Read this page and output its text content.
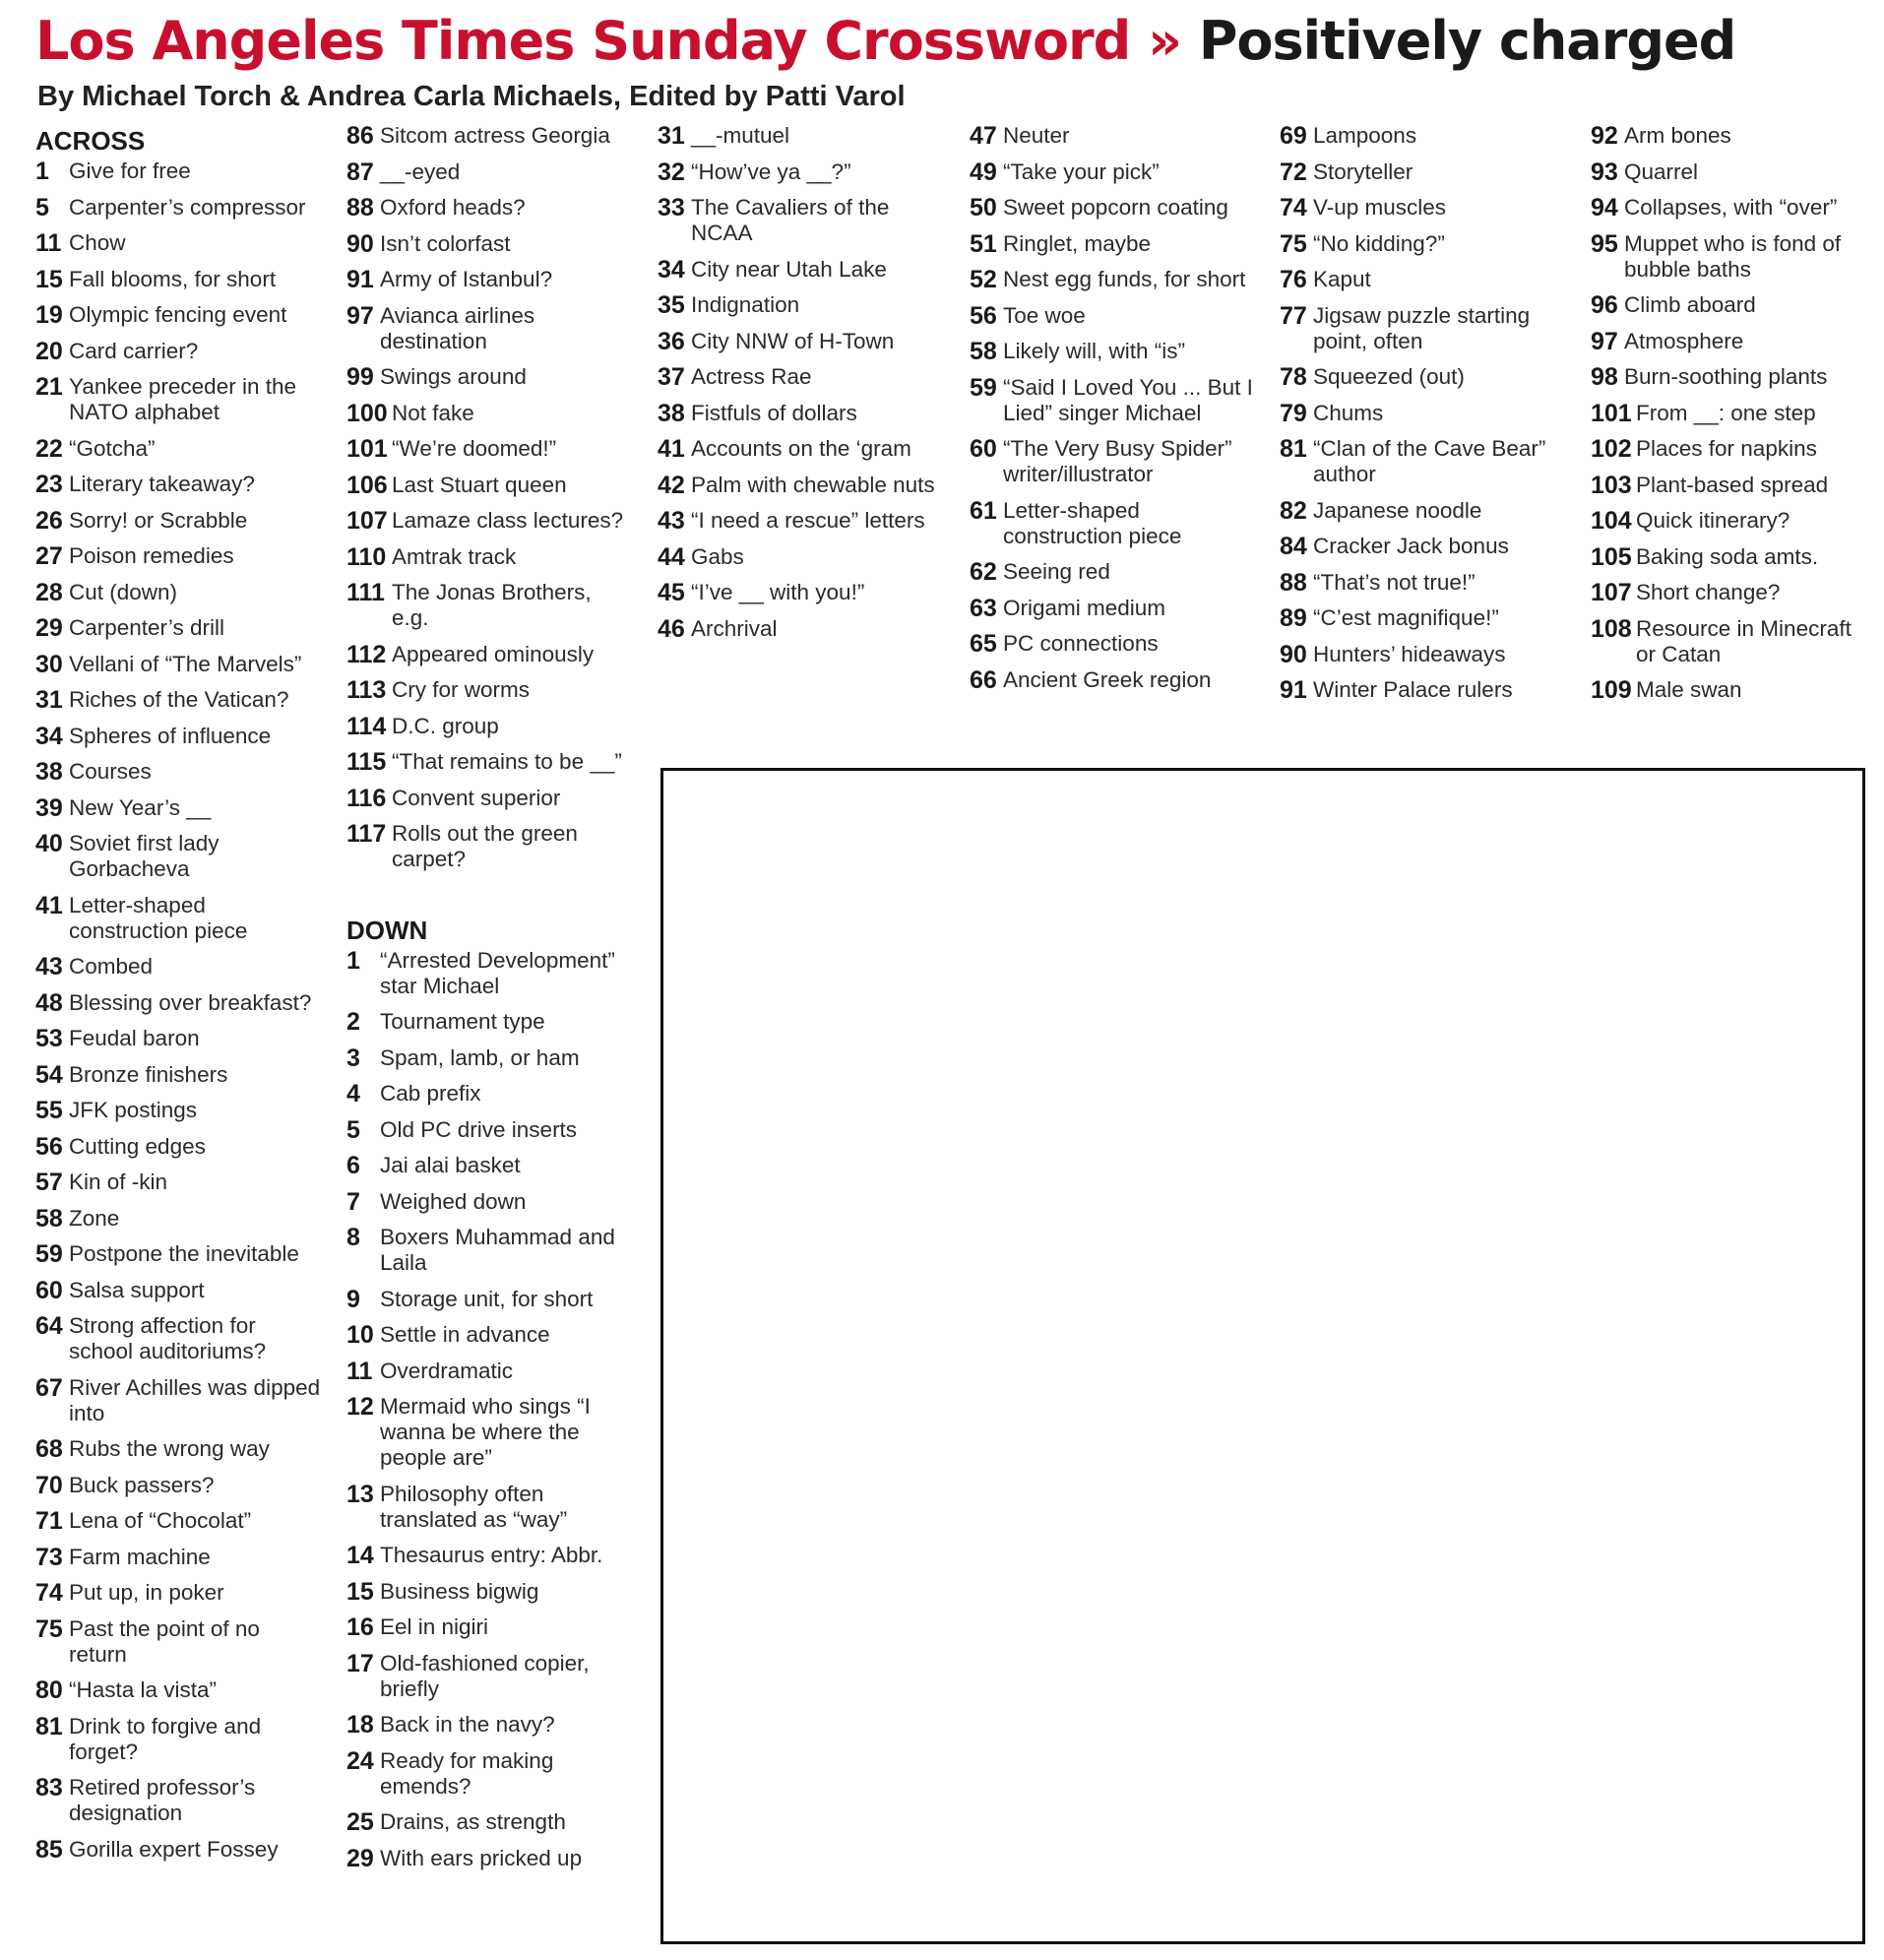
Los Angeles Times Sunday Crossword » Positively charged
By Michael Torch & Andrea Carla Michaels, Edited by Patti Varol
ACROSS
1 Give for free
5 Carpenter’s compressor
11 Chow
15 Fall blooms, for short
19 Olympic fencing event
20 Card carrier?
21 Yankee preceder in the NATO alphabet
22 “Gotcha”
23 Literary takeaway?
26 Sorry! or Scrabble
27 Poison remedies
28 Cut (down)
29 Carpenter’s drill
30 Vellani of “The Marvels”
31 Riches of the Vatican?
34 Spheres of influence
38 Courses
39 New Year’s __
40 Soviet first lady Gorbacheva
41 Letter-shaped construction piece
43 Combed
48 Blessing over breakfast?
53 Feudal baron
54 Bronze finishers
55 JFK postings
56 Cutting edges
57 Kin of -kin
58 Zone
59 Postpone the inevitable
60 Salsa support
64 Strong affection for school auditoriums?
67 River Achilles was dipped into
68 Rubs the wrong way
70 Buck passers?
71 Lena of “Chocolat”
73 Farm machine
74 Put up, in poker
75 Past the point of no return
80 “Hasta la vista”
81 Drink to forgive and forget?
83 Retired professor’s designation
85 Gorilla expert Fossey
86 Sitcom actress Georgia
87 __-eyed
88 Oxford heads?
90 Isn’t colorfast
91 Army of Istanbul?
97 Avianca airlines destination
99 Swings around
100 Not fake
101 “We’re doomed!”
106 Last Stuart queen
107 Lamaze class lectures?
110 Amtrak track
111 The Jonas Brothers, e.g.
112 Appeared ominously
113 Cry for worms
114 D.C. group
115 “That remains to be __”
116 Convent superior
117 Rolls out the green carpet?
DOWN
1 “Arrested Development” star Michael
2 Tournament type
3 Spam, lamb, or ham
4 Cab prefix
5 Old PC drive inserts
6 Jai alai basket
7 Weighed down
8 Boxers Muhammad and Laila
9 Storage unit, for short
10 Settle in advance
11 Overdramatic
12 Mermaid who sings “I wanna be where the people are”
13 Philosophy often translated as “way”
14 Thesaurus entry: Abbr.
15 Business bigwig
16 Eel in nigiri
17 Old-fashioned copier, briefly
18 Back in the navy?
24 Ready for making emends?
25 Drains, as strength
29 With ears pricked up
31 __-mutuel
32 “How’ve ya __?”
33 The Cavaliers of the NCAA
34 City near Utah Lake
35 Indignation
36 City NNW of H-Town
37 Actress Rae
38 Fistfuls of dollars
41 Accounts on the ‘gram
42 Palm with chewable nuts
43 “I need a rescue” letters
44 Gabs
45 “I’ve __ with you!”
46 Archrival
47 Neuter
49 “Take your pick”
50 Sweet popcorn coating
51 Ringlet, maybe
52 Nest egg funds, for short
56 Toe woe
58 Likely will, with “is”
59 “Said I Loved You ... But I Lied” singer Michael
60 “The Very Busy Spider” writer/illustrator
61 Letter-shaped construction piece
62 Seeing red
63 Origami medium
65 PC connections
66 Ancient Greek region
69 Lampoons
72 Storyteller
74 V-up muscles
75 “No kidding?”
76 Kaput
77 Jigsaw puzzle starting point, often
78 Squeezed (out)
79 Chums
81 “Clan of the Cave Bear” author
82 Japanese noodle
84 Cracker Jack bonus
88 “That’s not true!”
89 “C’est magnifique!”
90 Hunters’ hideaways
91 Winter Palace rulers
92 Arm bones
93 Quarrel
94 Collapses, with “over”
95 Muppet who is fond of bubble baths
96 Climb aboard
97 Atmosphere
98 Burn-soothing plants
101 From __: one step
102 Places for napkins
103 Plant-based spread
104 Quick itinerary?
105 Baking soda amts.
107 Short change?
108 Resource in Minecraft or Catan
109 Male swan
